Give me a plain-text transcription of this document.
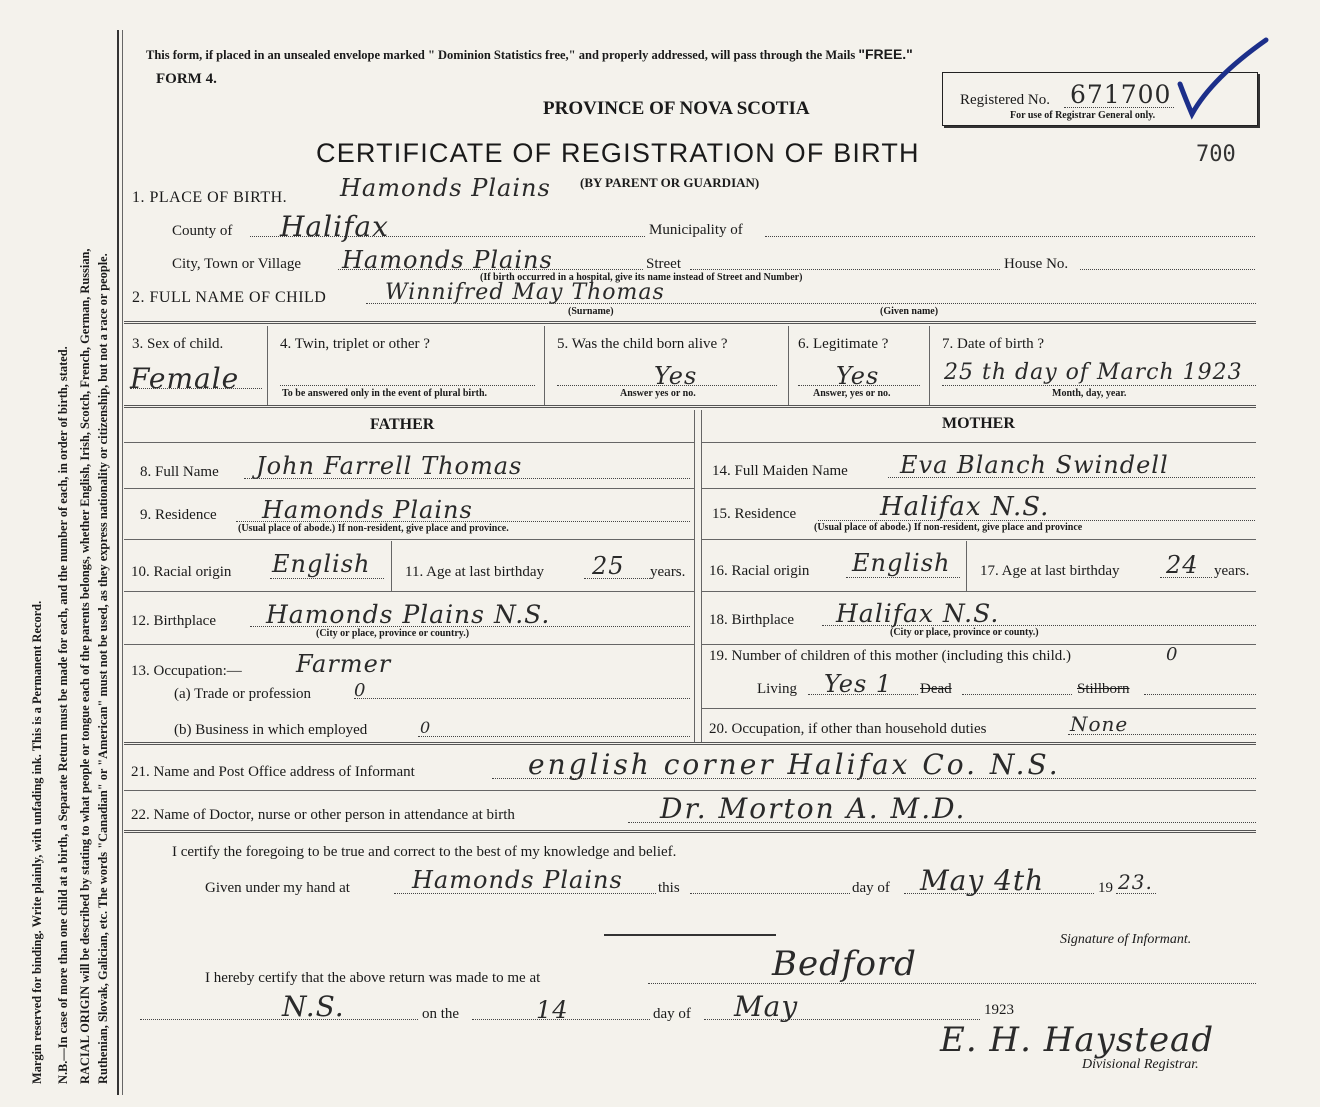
Margin reserved for binding. Write plainly, with unfading ink. This is a Permanent Record. N.B.—In case of more than one child at a birth, a Separate Return must be made for each, and the number of each, in order of birth, stated. RACIAL ORIGIN will be described by stating to what people or tongue each of the parents belongs, whether English, Irish, Scotch, French, German, Russian, Ruthenian, Slovak, Galician, etc. The words "Canadian" or "American" must not be used, as they express nationality or citizenship, but not a race or people.
This form, if placed in an unsealed envelope marked " Dominion Statistics free," and properly addressed, will pass through the Mails "FREE."
FORM 4.
PROVINCE OF NOVA SCOTIA
CERTIFICATE OF REGISTRATION OF BIRTH
(BY PARENT OR GUARDIAN)
Registered No. 671700
For use of Registrar General only.
700
1. PLACE OF BIRTH. Hamonds Plains
County of Halifax	Municipality of
City, Town or Village Hamonds Plains	Street	House No.
(If birth occurred in a hospital, give its name instead of Street and Number)
2. FULL NAME OF CHILD	Winnifred May Thomas
(Surname)	(Given name)
3. Sex of child.
Female
4. Twin, triplet or other ?
To be answered only in the event of plural birth.
5. Was the child born alive ?
Yes
Answer yes or no.
6. Legitimate ?
Yes
Answer, yes or no.
7. Date of birth ?
25 th day of March 1923
Month, day, year.
FATHER	MOTHER
8. Full Name John Farrell Thomas	14. Full Maiden Name Eva Blanch Swindell
9. Residence Hamonds Plains
(Usual place of abode.) If non-resident, give place and province.
15. Residence	Halifax N.S.
(Usual place of abode.) If non-resident, give place and province
10. Racial origin English 11. Age at last birthday 25 years. 16. Racial origin English 17. Age at last birthday 24 years.
12. Birthplace Hamonds Plains N.S.
(City or place, province or country.)
18. Birthplace Halifax N.S.
(City or place, province or county.)
13. Occupation:— Farmer
(a) Trade or profession 0
(b) Business in which employed	0
19. Number of children of this mother (including this child.)	0
Living Yes 1 Dead	Stillborn
20. Occupation, if other than household duties	None
21. Name and Post Office address of Informant	english corner Halifax Co. N.S.
22. Name of Doctor, nurse or other person in attendance at birth	Dr. Morton A. M.D.
I certify the foregoing to be true and correct to the best of my knowledge and belief.
Given under my hand at	Hamonds Plains this	day of May 4th	19 23.
Signature of Informant.
I hereby certify that the above return was made to me at	Bedford
N.S.	on the	14	day of May	1923
E. H. Haystead
Divisional Registrar.
